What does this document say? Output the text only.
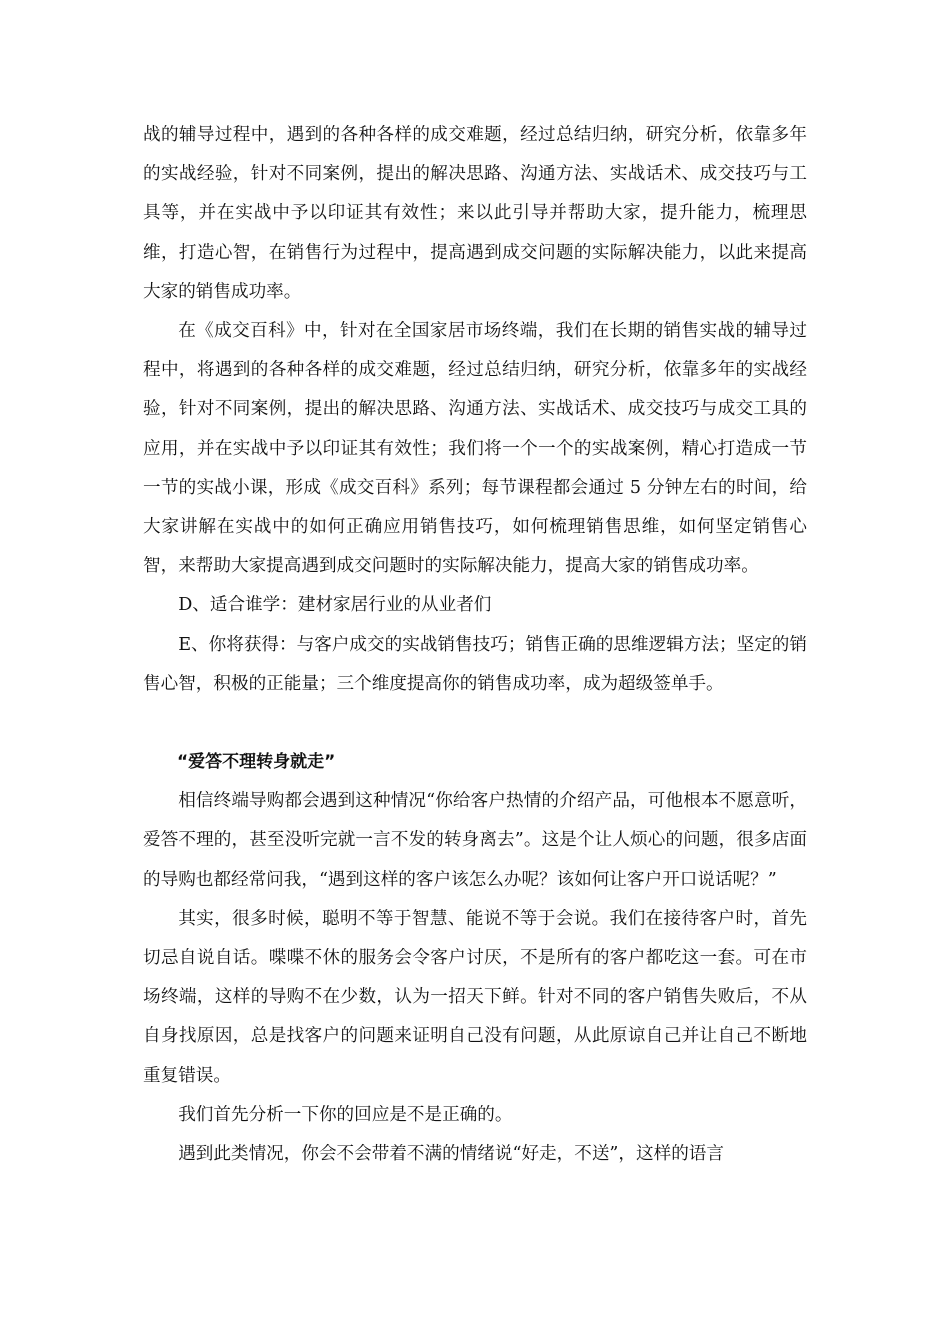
战的辅导过程中，遇到的各种各样的成交难题，经过总结归纳，研究分析，依靠多年的实战经验，针对不同案例，提出的解决思路、沟通方法、实战话术、成交技巧与工具等，并在实战中予以印证其有效性；来以此引导并帮助大家，提升能力，梳理思维，打造心智，在销售行为过程中，提高遇到成交问题的实际解决能力，以此来提高大家的销售成功率。

在《成交百科》中，针对在全国家居市场终端，我们在长期的销售实战的辅导过程中，将遇到的各种各样的成交难题，经过总结归纳，研究分析，依靠多年的实战经验，针对不同案例，提出的解决思路、沟通方法、实战话术、成交技巧与成交工具的应用，并在实战中予以印证其有效性；我们将一个一个的实战案例，精心打造成一节一节的实战小课，形成《成交百科》系列；每节课程都会通过 5 分钟左右的时间，给大家讲解在实战中的如何正确应用销售技巧，如何梳理销售思维，如何坚定销售心智，来帮助大家提高遇到成交问题时的实际解决能力，提高大家的销售成功率。

D、适合谁学：建材家居行业的从业者们

E、你将获得：与客户成交的实战销售技巧；销售正确的思维逻辑方法；坚定的销售心智，积极的正能量；三个维度提高你的销售成功率，成为超级签单手。

“爱答不理转身就走”

相信终端导购都会遇到这种情况“你给客户热情的介绍产品，可他根本不愿意听，爱答不理的，甚至没听完就一言不发的转身离去”。这是个让人烦心的问题，很多店面的导购也都经常问我，“遇到这样的客户该怎么办呢？该如何让客户开口说话呢？”

其实，很多时候，聪明不等于智慧、能说不等于会说。我们在接待客户时，首先切忌自说自话。喋喋不休的服务会令客户讨厌，不是所有的客户都吃这一套。可在市场终端，这样的导购不在少数，认为一招天下鲜。针对不同的客户销售失败后，不从自身找原因，总是找客户的问题来证明自己没有问题，从此原谅自己并让自己不断地重复错误。

我们首先分析一下你的回应是不是正确的。

遇到此类情况，你会不会带着不满的情绪说“好走，不送”，这样的语言
